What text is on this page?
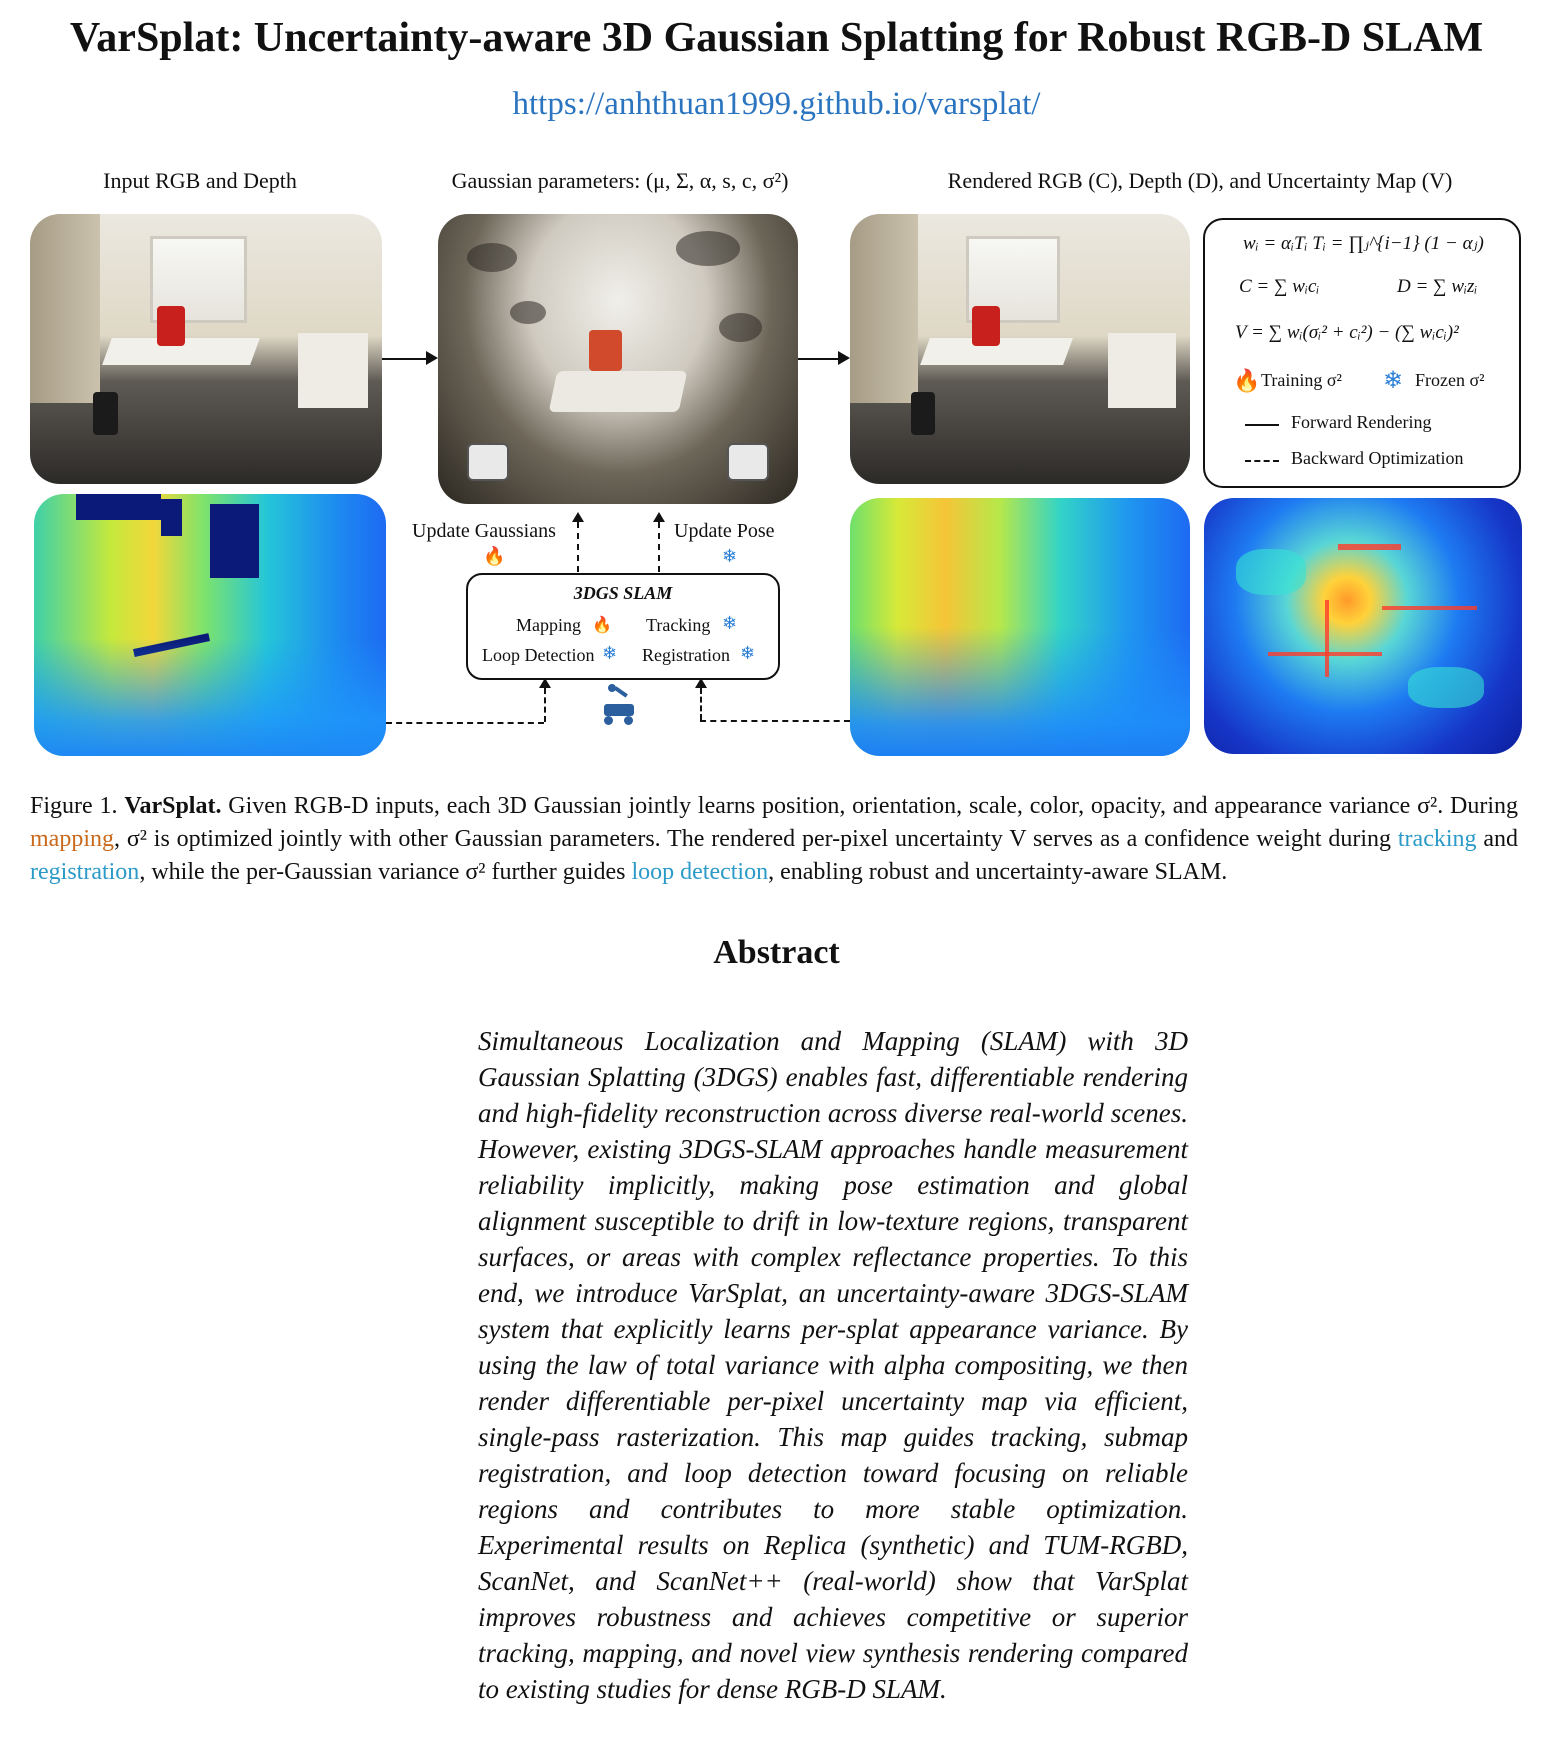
VarSplat: Uncertainty-aware 3D Gaussian Splatting for Robust RGB-D SLAM
https://anhthuan1999.github.io/varsplat/
Input RGB and Depth	Gaussian parameters: (μ, Σ, α, s, c, σ²)	Rendered RGB (C), Depth (D), and Uncertainty Map (V)
wᵢ = αᵢTᵢ Tᵢ = ∏ⱼ^{i−1} (1 − αⱼ)
C = ∑ wᵢcᵢ	D = ∑ wᵢzᵢ
V = ∑ wᵢ(σᵢ² + cᵢ²) − (∑ wᵢcᵢ)²
🔥 Training σ² ❄ Frozen σ²
Forward Rendering
Backward Optimization
Update Gaussians
🔥
Update Pose
❄
3DGS SLAM
Mapping 🔥 Tracking ❄
Loop Detection ❄ Registration ❄
Figure 1. VarSplat. Given RGB-D inputs, each 3D Gaussian jointly learns position, orientation, scale, color, opacity, and appearance variance σ². During mapping, σ² is optimized jointly with other Gaussian parameters. The rendered per-pixel uncertainty V serves as a confidence weight during tracking and registration, while the per-Gaussian variance σ² further guides loop detection, enabling robust and uncertainty-aware SLAM.
Abstract
Simultaneous Localization and Mapping (SLAM) with 3D Gaussian Splatting (3DGS) enables fast, differentiable rendering and high-fidelity reconstruction across diverse real-world scenes. However, existing 3DGS-SLAM approaches handle measurement reliability implicitly, making pose estimation and global alignment susceptible to drift in low-texture regions, transparent surfaces, or areas with complex reflectance properties. To this end, we introduce VarSplat, an uncertainty-aware 3DGS-SLAM system that explicitly learns per-splat appearance variance. By using the law of total variance with alpha compositing, we then render differentiable per-pixel uncertainty map via efficient, single-pass rasterization. This map guides tracking, submap registration, and loop detection toward focusing on reliable regions and contributes to more stable optimization. Experimental results on Replica (synthetic) and TUM-RGBD, ScanNet, and ScanNet++ (real-world) show that VarSplat improves robustness and achieves competitive or superior tracking, mapping, and novel view synthesis rendering compared to existing studies for dense RGB-D SLAM.
